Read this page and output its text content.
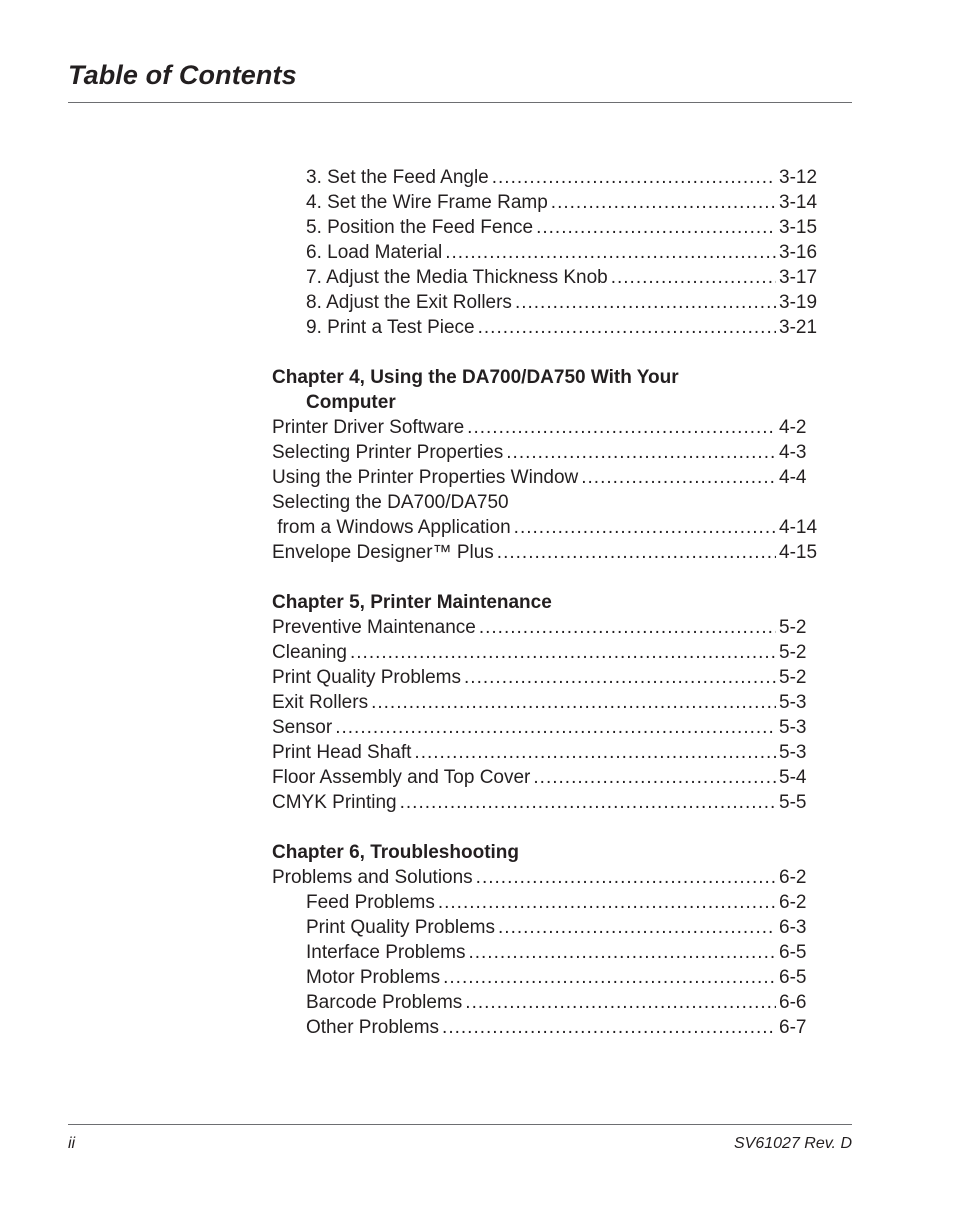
Table of Contents
3. Set the Feed Angle .....	3-12
4. Set the Wire Frame Ramp .....	3-14
5. Position the Feed Fence .....	3-15
6. Load Material .....	3-16
7. Adjust the Media Thickness Knob .....	3-17
8. Adjust the Exit Rollers .....	3-19
9. Print a Test Piece .....	3-21
Chapter 4, Using the DA700/DA750 With Your
Computer
Printer Driver Software .....	4-2
Selecting Printer Properties .....	4-3
Using the Printer Properties Window .....	4-4
Selecting the DA700/DA750
from a Windows Application .....	4-14
Envelope Designer™ Plus .....	4-15
Chapter 5, Printer Maintenance
Preventive Maintenance .....	5-2
Cleaning .....	5-2
Print Quality Problems .....	5-2
Exit Rollers .....	5-3
Sensor .....	5-3
Print Head Shaft .....	5-3
Floor Assembly and Top Cover .....	5-4
CMYK Printing .....	5-5
Chapter 6, Troubleshooting
Problems and Solutions .....	6-2
Feed Problems .....	6-2
Print Quality Problems .....	6-3
Interface Problems .....	6-5
Motor Problems .....	6-5
Barcode Problems .....	6-6
Other Problems .....	6-7
ii	SV61027 Rev. D
